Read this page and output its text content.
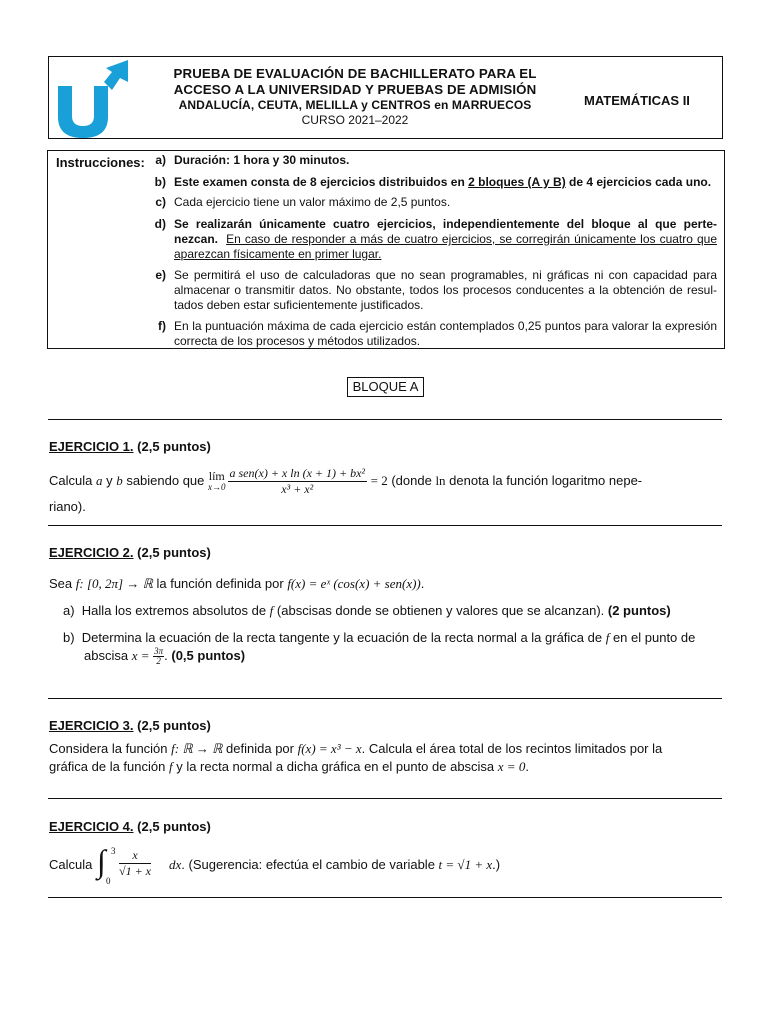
PRUEBA DE EVALUACIÓN DE BACHILLERATO PARA EL
ACCESO A LA UNIVERSIDAD Y PRUEBAS DE ADMISIÓN
ANDALUCÍA, CEUTA, MELILLA y CENTROS en MARRUECOS
CURSO 2021–2022
MATEMÁTICAS II
Instrucciones: a) Duración: 1 hora y 30 minutos.
b) Este examen consta de 8 ejercicios distribuidos en 2 bloques (A y B) de 4 ejercicios cada uno.
c) Cada ejercicio tiene un valor máximo de 2,5 puntos.
d) Se realizarán únicamente cuatro ejercicios, independientemente del bloque al que perte-nezcan. En caso de responder a más de cuatro ejercicios, se corregirán únicamente los cuatro que aparezcan físicamente en primer lugar.
e) Se permitirá el uso de calculadoras que no sean programables, ni gráficas ni con capacidad para almacenar o transmitir datos. No obstante, todos los procesos conducentes a la obtención de resul-tados deben estar suficientemente justificados.
f) En la puntuación máxima de cada ejercicio están contemplados 0,25 puntos para valorar la expresión correcta de los procesos y métodos utilizados.
BLOQUE A
EJERCICIO 1. (2,5 puntos)
Calcula a y b sabiendo que lím
$x\to 0 \frac{\text{a sen(x) + x ln (x + 1) + bx²}}{\text{x³ + x²}} = 2$ (donde ln denota la función logaritmo nepe-
riano).
EJERCICIO 2. (2,5 puntos)
Sea f: [0, 2π] → ℝ la función definida por f(x) = eˣ (cos(x) + sen(x)).
a) Halla los extremos absolutos de f (abscisas donde se obtienen y valores que se alcanzan). (2 puntos)
b) Determina la ecuación de la recta tangente y la ecuación de la recta normal a la gráfica de f en el punto de
abscisa $x = \frac{3\pi}{2}$ . (0,5 puntos)
EJERCICIO 3. (2,5 puntos)
Considera la función f: ℝ → ℝ definida por f(x) = x³ − x. Calcula el área total de los recintos limitados por la
gráfica de la función f y la recta normal a dicha gráfica en el punto de abscisa x = 0.
EJERCICIO 4. (2,5 puntos)
Calcula ∫ 3
0
$\frac{x}{√1 + x}$ dx. (Sugerencia: efectúa el cambio de variable t = √1 + x.)
